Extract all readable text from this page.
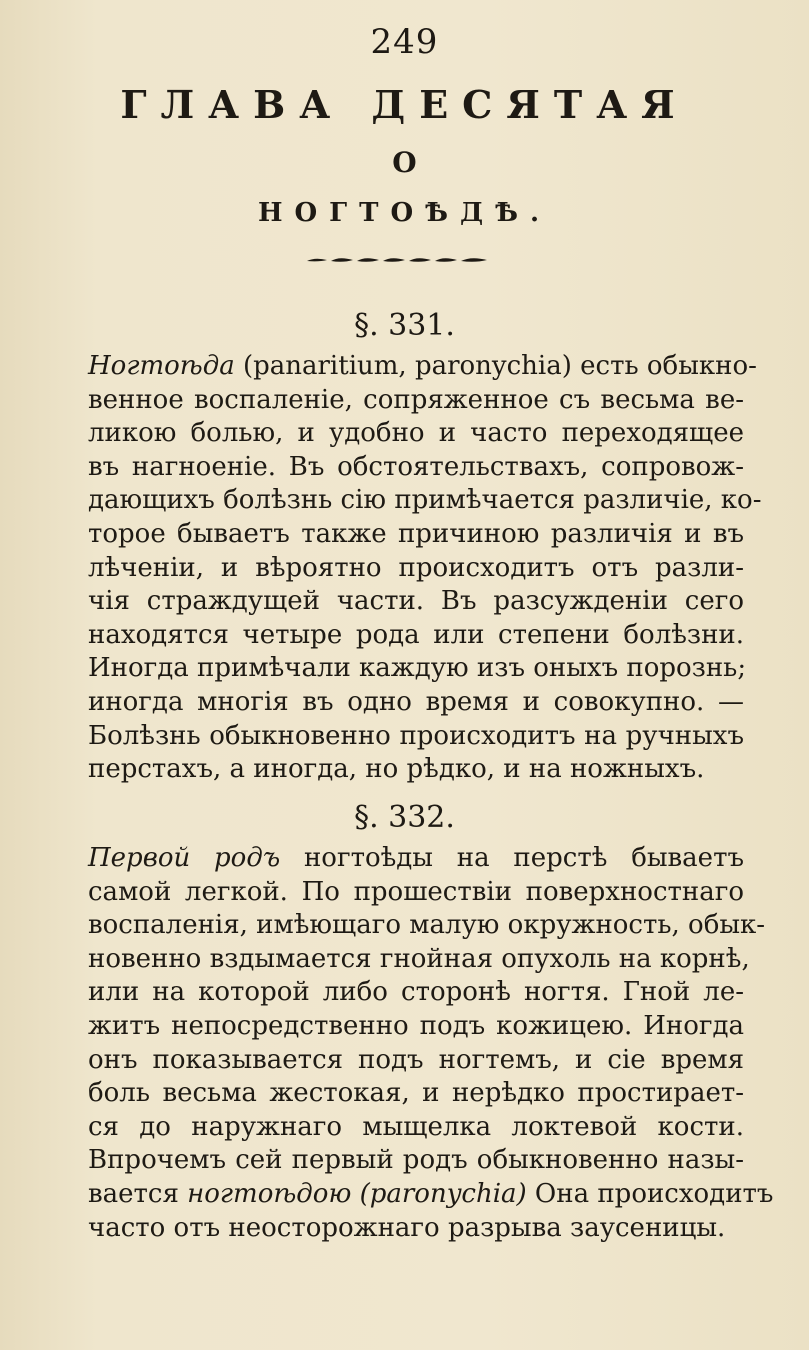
249
ГЛАВА ДЕСЯТАЯ
О
НОГТОѢДѢ.
§. 331.
Ногтоѣда (panaritium, paronychia) есть обыкно-
венное воспаленіе, сопряженное съ весьма ве-
ликою болью, и удобно и часто переходящее
въ нагноеніе. Въ обстоятельствахъ, сопровож-
дающихъ болѣзнь сію примѣчается различіе, ко-
торое бываетъ также причиною различія и въ
лѣченіи, и вѣроятно происходитъ отъ разли-
чія страждущей части. Въ разсужденіи сего
находятся четыре рода или степени болѣзни.
Иногда примѣчали каждую изъ оныхъ порознь;
иногда многія въ одно время и совокупно. —
Болѣзнь обыкновенно происходитъ на ручныхъ
перстахъ, а иногда, но рѣдко, и на ножныхъ.
§. 332.
Первой родъ ногтоѣды на перстѣ бываетъ
самой легкой. По прошествіи поверхностнаго
воспаленія, имѣющаго малую окружность, обык-
новенно вздымается гнойная опухоль на корнѣ,
или на которой либо сторонѣ ногтя. Гной ле-
житъ непосредственно подъ кожицею. Иногда
онъ показывается подъ ногтемъ, и сіе время
боль весьма жестокая, и нерѣдко простирает-
ся до наружнаго мыщелка локтевой кости.
Впрочемъ сей первый родъ обыкновенно назы-
вается ногтоѣдою (paronychia) Она происходитъ
часто отъ неосторожнаго разрыва заусеницы.
